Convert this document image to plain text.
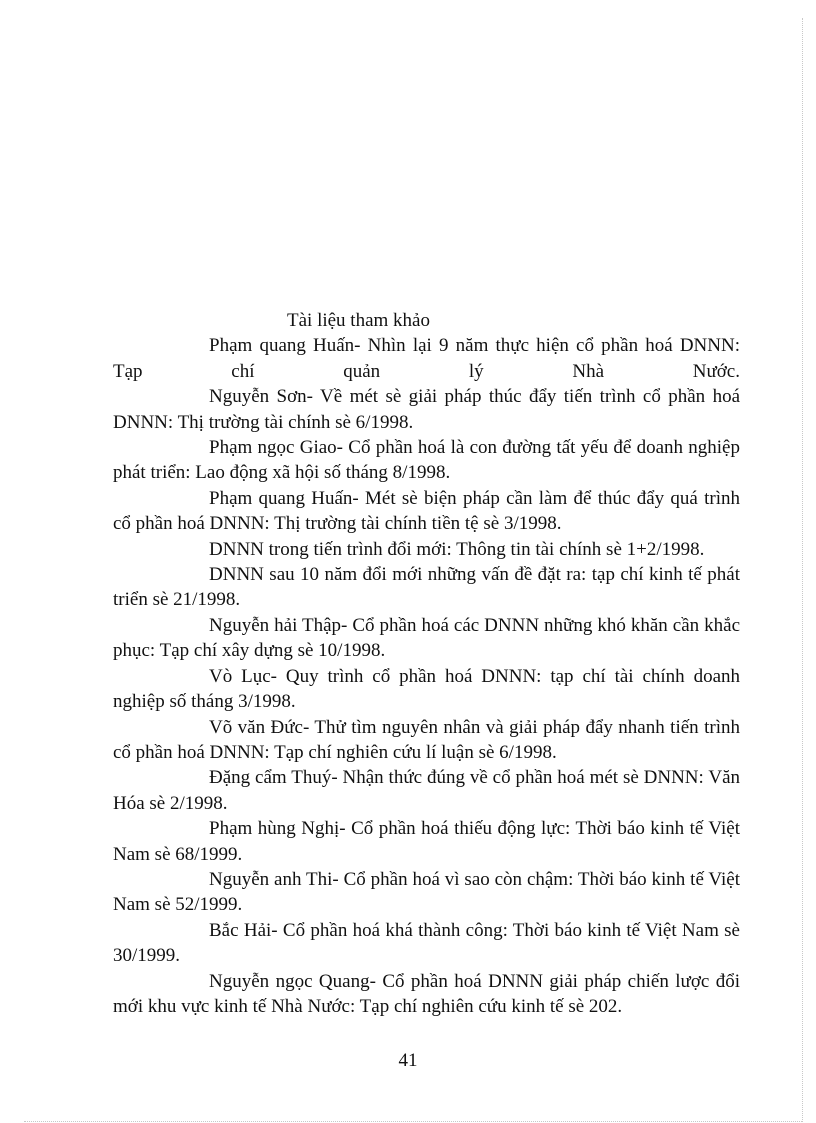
Tài liệu tham khảo

Phạm quang Huấn- Nhìn lại 9 năm thực hiện cổ phần hoá DNNN: Tạp chí quản lý Nhà Nước.

Nguyễn Sơn- Về mét sè giải pháp thúc đẩy tiến trình cổ phần hoá DNNN: Thị trường tài chính sè 6/1998.

Phạm ngọc Giao- Cổ phần hoá là con đường tất yếu để doanh nghiệp phát triển: Lao động xã hội số tháng 8/1998.

Phạm quang Huấn- Mét sè biện pháp cần làm để thúc đẩy quá trình cổ phần hoá DNNN: Thị trường tài chính tiền tệ sè 3/1998.

DNNN trong tiến trình đổi mới: Thông tin tài chính sè 1+2/1998.

DNNN sau 10 năm đổi mới những vấn đề đặt ra: tạp chí kinh tế phát triển sè 21/1998.

Nguyễn hải Thập- Cổ phần hoá các DNNN những khó khăn cần khắc phục: Tạp chí xây dựng sè 10/1998.

Vò Lục- Quy trình cổ phần hoá DNNN: tạp chí tài chính doanh nghiệp số tháng 3/1998.

Võ văn Đức- Thử tìm nguyên nhân và giải pháp đẩy nhanh tiến trình cổ phần hoá DNNN: Tạp chí nghiên cứu lí luận sè 6/1998.

Đặng cẩm Thuý- Nhận thức đúng về cổ phần hoá mét sè DNNN: Văn Hóa sè 2/1998.

Phạm hùng Nghị- Cổ phần hoá thiếu động lực: Thời báo kinh tế Việt Nam sè 68/1999.

Nguyễn anh Thi- Cổ phần hoá vì sao còn chậm: Thời báo kinh tế Việt Nam sè 52/1999.

Bắc Hải- Cổ phần hoá khá thành công: Thời báo kinh tế Việt Nam sè 30/1999.

Nguyễn ngọc Quang- Cổ phần hoá DNNN giải pháp chiến lược đổi mới khu vực kinh tế Nhà Nước: Tạp chí nghiên cứu kinh tế sè 202.

41
